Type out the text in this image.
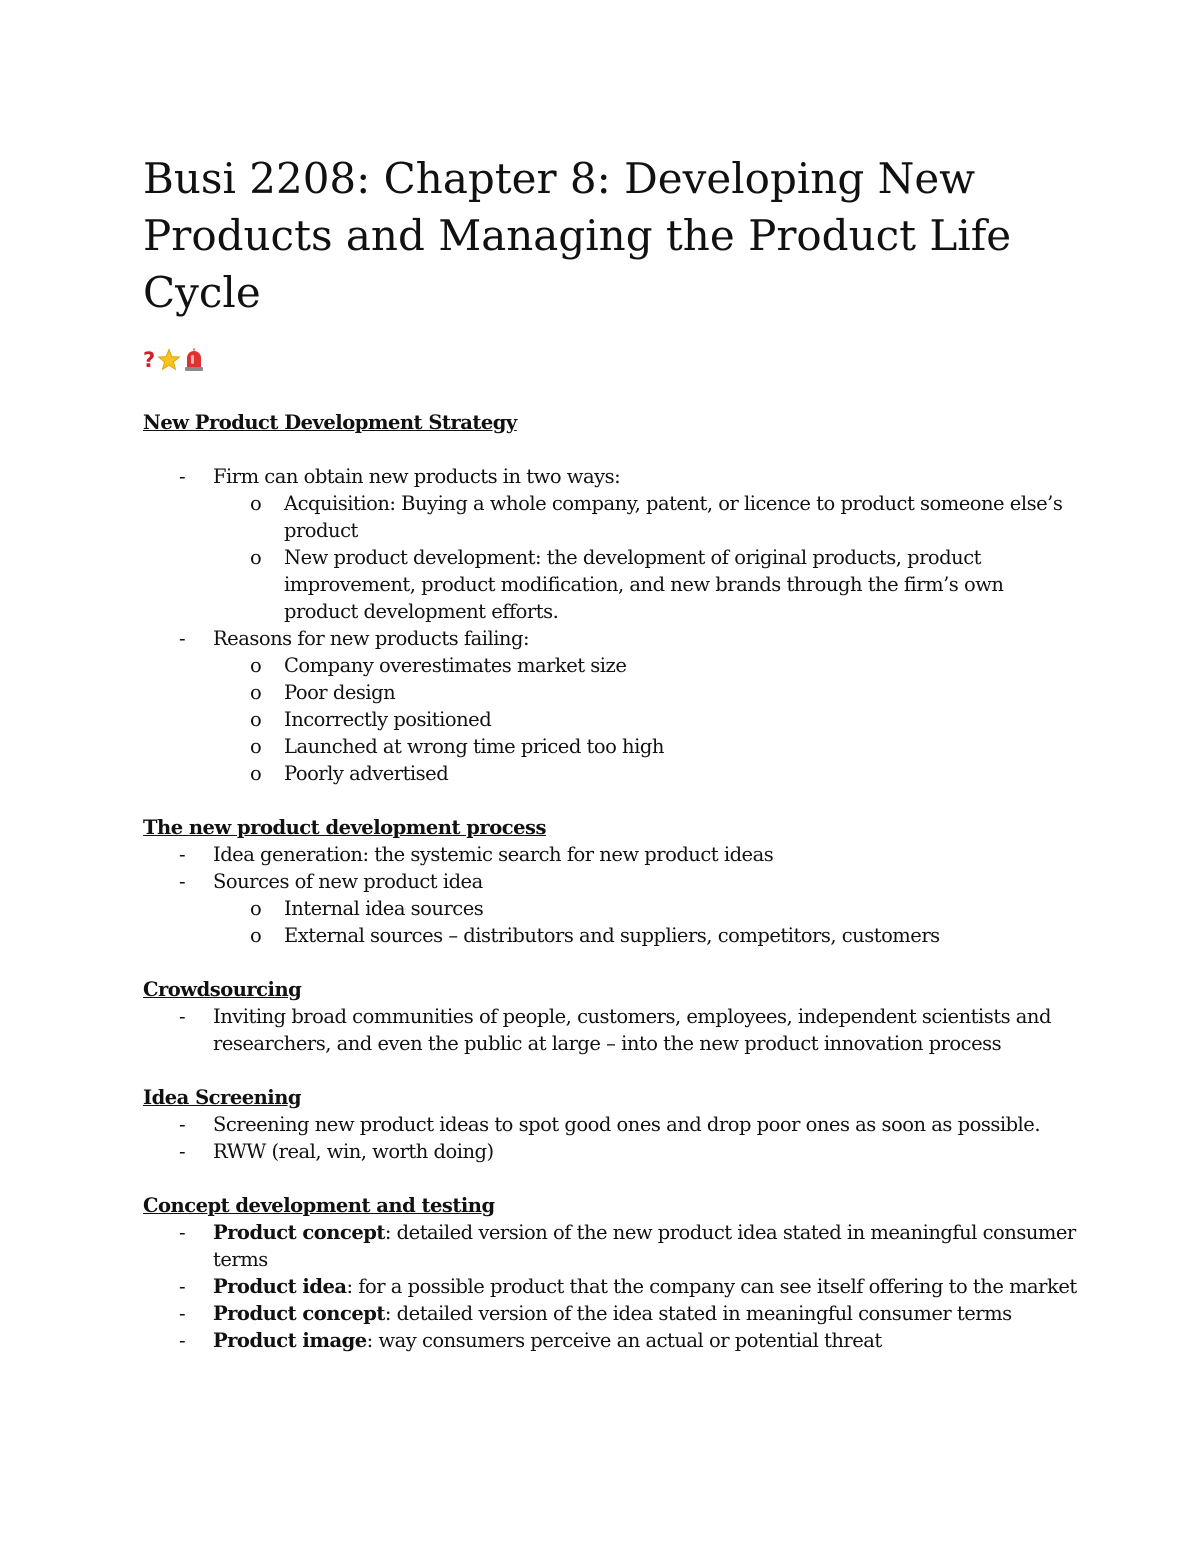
Busi 2208: Chapter 8: Developing New Products and Managing the Product Life Cycle
?

New Product Development Strategy

- Firm can obtain new products in two ways:
o Acquisition: Buying a whole company, patent, or licence to product someone else’s product
o New product development: the development of original products, product improvement, product modification, and new brands through the firm’s own product development efforts.
- Reasons for new products failing:
o Company overestimates market size
o Poor design
o Incorrectly positioned
o Launched at wrong time priced too high
o Poorly advertised

The new product development process

- Idea generation: the systemic search for new product ideas
- Sources of new product idea
o Internal idea sources
o External sources – distributors and suppliers, competitors, customers

Crowdsourcing

- Inviting broad communities of people, customers, employees, independent scientists and researchers, and even the public at large – into the new product innovation process

Idea Screening

- Screening new product ideas to spot good ones and drop poor ones as soon as possible.
- RWW (real, win, worth doing)

Concept development and testing

- Product concept: detailed version of the new product idea stated in meaningful consumer terms
- Product idea: for a possible product that the company can see itself offering to the market
- Product concept: detailed version of the idea stated in meaningful consumer terms
- Product image: way consumers perceive an actual or potential threat
